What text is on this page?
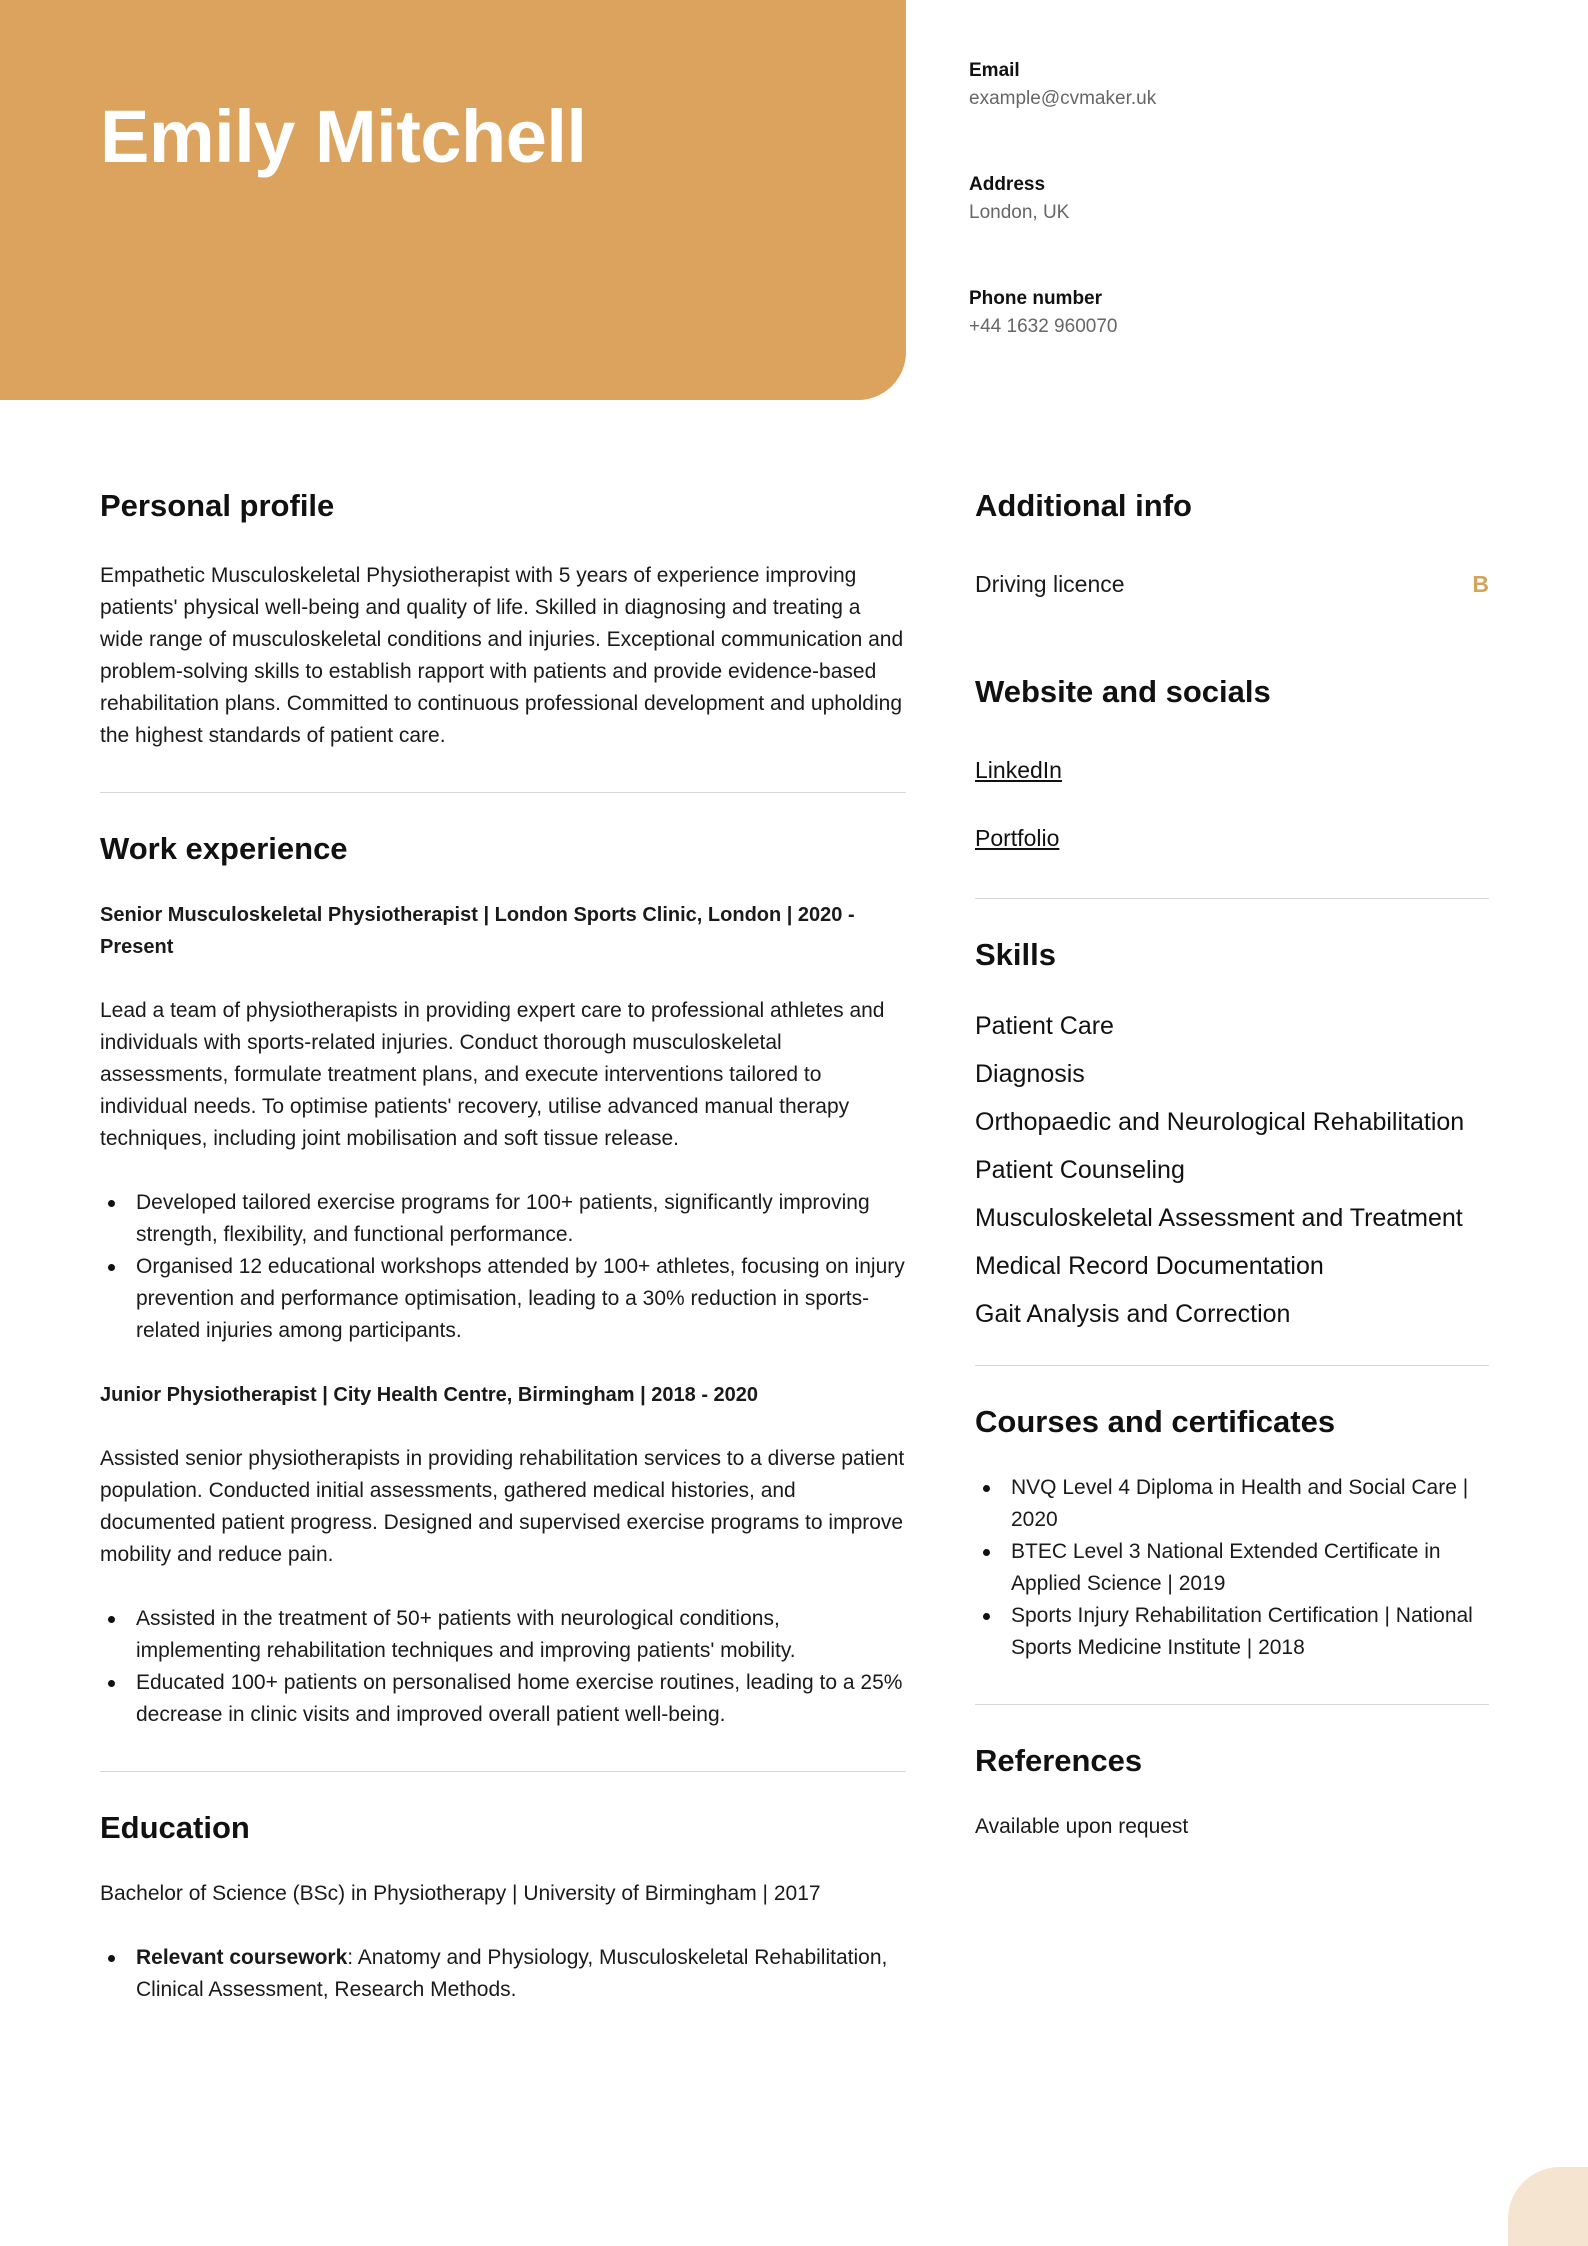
Emily Mitchell
Email
example@cvmaker.uk
Address
London, UK
Phone number
+44 1632 960070
Personal profile

Empathetic Musculoskeletal Physiotherapist with 5 years of experience improving patients' physical well-being and quality of life. Skilled in diagnosing and treating a wide range of musculoskeletal conditions and injuries. Exceptional communication and problem-solving skills to establish rapport with patients and provide evidence-based rehabilitation plans. Committed to continuous professional development and upholding the highest standards of patient care.

Work experience
Senior Musculoskeletal Physiotherapist | London Sports Clinic, London | 2020 - Present

Lead a team of physiotherapists in providing expert care to professional athletes and individuals with sports-related injuries. Conduct thorough musculoskeletal assessments, formulate treatment plans, and execute interventions tailored to individual needs. To optimise patients' recovery, utilise advanced manual therapy techniques, including joint mobilisation and soft tissue release.

Developed tailored exercise programs for 100+ patients, significantly improving strength, flexibility, and functional performance.
Organised 12 educational workshops attended by 100+ athletes, focusing on injury prevention and performance optimisation, leading to a 30% reduction in sports-related injuries among participants.
Junior Physiotherapist | City Health Centre, Birmingham | 2018 - 2020

Assisted senior physiotherapists in providing rehabilitation services to a diverse patient population. Conducted initial assessments, gathered medical histories, and documented patient progress. Designed and supervised exercise programs to improve mobility and reduce pain.

Assisted in the treatment of 50+ patients with neurological conditions, implementing rehabilitation techniques and improving patients' mobility.
Educated 100+ patients on personalised home exercise routines, leading to a 25% decrease in clinic visits and improved overall patient well-being.
Education

Bachelor of Science (BSc) in Physiotherapy | University of Birmingham | 2017

Relevant coursework: Anatomy and Physiology, Musculoskeletal Rehabilitation, Clinical Assessment, Research Methods.
Additional info
Driving licence	B
Website and socials
LinkedIn
Portfolio
Skills
Patient Care
Diagnosis
Orthopaedic and Neurological Rehabilitation
Patient Counseling
Musculoskeletal Assessment and Treatment
Medical Record Documentation
Gait Analysis and Correction
Courses and certificates
NVQ Level 4 Diploma in Health and Social Care | 2020
BTEC Level 3 National Extended Certificate in Applied Science | 2019
Sports Injury Rehabilitation Certification | National Sports Medicine Institute | 2018
References

Available upon request
